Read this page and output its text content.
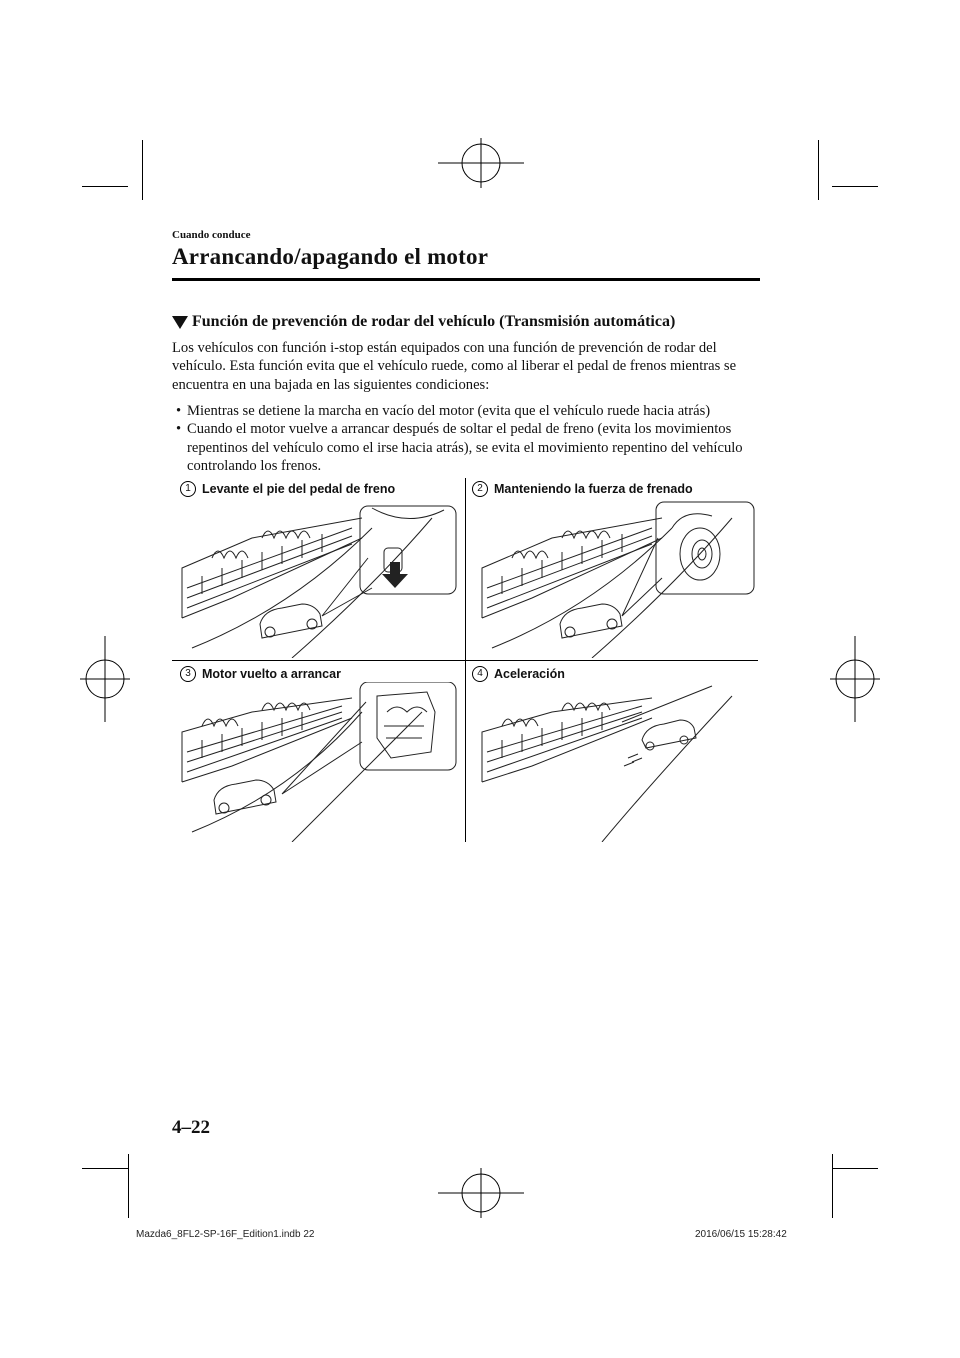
Cuando conduce
Arrancando/apagando el motor
Función de prevención de rodar del vehículo (Transmisión automática)
Los vehículos con función i-stop están equipados con una función de prevención de rodar del vehículo. Esta función evita que el vehículo ruede, como al liberar el pedal de frenos mientras se encuentra en una bajada en las siguientes condiciones:
• Mientras se detiene la marcha en vacío del motor (evita que el vehículo ruede hacia atrás)
• Cuando el motor vuelve a arrancar después de soltar el pedal de freno (evita los movimientos repentinos del vehículo como el irse hacia atrás), se evita el movimiento repentino del vehículo controlando los frenos.
1 Levante el pie del pedal de freno	2 Manteniendo la fuerza de frenado
3 Motor vuelto a arrancar	4 Aceleración
4–22
Mazda6_8FL2-SP-16F_Edition1.indb 22	2016/06/15 15:28:42
